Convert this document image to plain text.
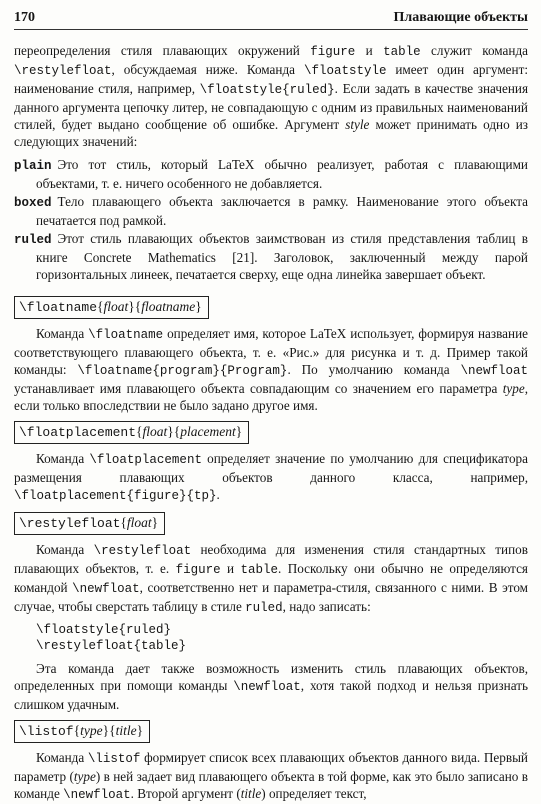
170	Плавающие объекты

переопределения стиля плавающих окружений figure и table служит команда \restylefloat, обсуждаемая ниже. Команда \floatstyle имеет один аргумент: наименование стиля, например, \floatstyle{ruled}. Если задать в качестве значения данного аргумента цепочку литер, не совпадающую с одним из правильных наименований стилей, будет выдано сообщение об ошибке. Аргумент style может принимать одно из следующих значений:

plain Это тот стиль, который LaTeX обычно реализует, работая с плавающими объектами, т. е. ничего особенного не добавляется.
boxed Тело плавающего объекта заключается в рамку. Наименование этого объекта печатается под рамкой.
ruled Этот стиль плавающих объектов заимствован из стиля представления таблиц в книге Concrete Mathematics [21]. Заголовок, заключенный между парой горизонтальных линеек, печатается сверху, еще одна линейка завершает объект.
\floatname{float}{floatname}

Команда \floatname определяет имя, которое LaTeX использует, формируя название соответствующего плавающего объекта, т. е. «Рис.» для рисунка и т. д. Пример такой команды: \floatname{program}{Program}. По умолчанию команда \newfloat устанавливает имя плавающего объекта совпадающим со значением его параметра type, если только впоследствии не было задано другое имя.

\floatplacement{float}{placement}

Команда \floatplacement определяет значение по умолчанию для спецификатора размещения плавающих объектов данного класса, например, \floatplacement{figure}{tp}.

\restylefloat{float}

Команда \restylefloat необходима для изменения стиля стандартных типов плавающих объектов, т. е. figure и table. Поскольку они обычно не определяются командой \newfloat, соответственно нет и параметра-стиля, связанного с ними. В этом случае, чтобы сверстать таблицу в стиле ruled, надо записать:

\floatstyle{ruled}
\restylefloat{table}

Эта команда дает также возможность изменить стиль плавающих объектов, определенных при помощи команды \newfloat, хотя такой подход и нельзя признать слишком удачным.

\listof{type}{title}

Команда \listof формирует список всех плавающих объектов данного вида. Первый параметр (type) в ней задает вид плавающего объекта в той форме, как это было записано в команде \newfloat. Второй аргумент (title) определяет текст,
